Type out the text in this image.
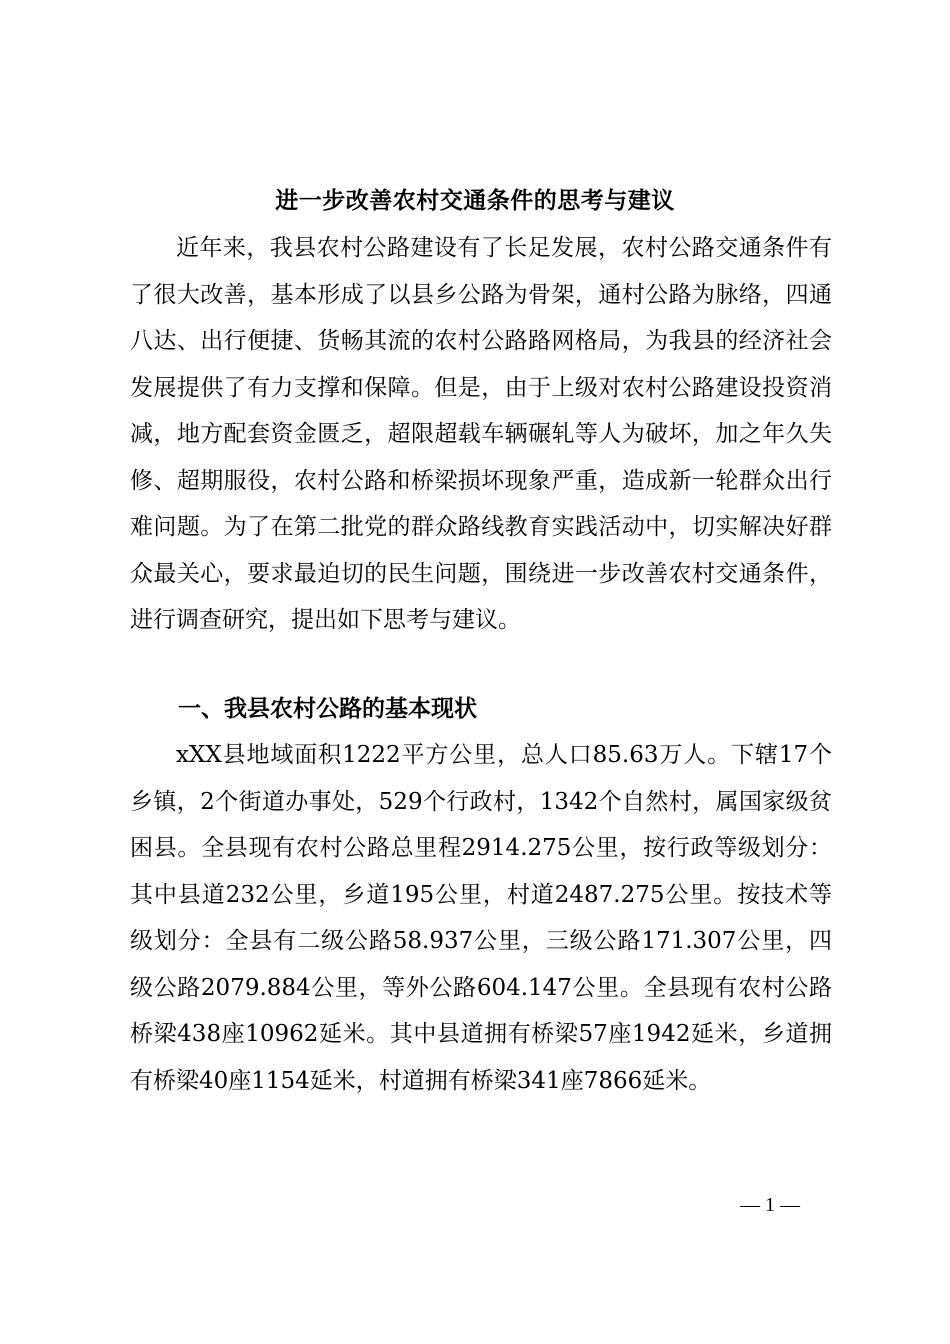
进一步改善农村交通条件的思考与建议

近年来，我县农村公路建设有了长足发展，农村公路交通条件有了很大改善，基本形成了以县乡公路为骨架，通村公路为脉络，四通八达、出行便捷、货畅其流的农村公路路网格局，为我县的经济社会发展提供了有力支撑和保障。但是，由于上级对农村公路建设投资消减，地方配套资金匮乏，超限超载车辆碾轧等人为破坏，加之年久失修、超期服役，农村公路和桥梁损坏现象严重，造成新一轮群众出行难问题。为了在第二批党的群众路线教育实践活动中，切实解决好群众最关心，要求最迫切的民生问题，围绕进一步改善农村交通条件，进行调查研究，提出如下思考与建议。

一、我县农村公路的基本现状

xXX县地域面积1222平方公里，总人口85.63万人。下辖17个乡镇，2个街道办事处，529个行政村，1342个自然村，属国家级贫困县。全县现有农村公路总里程2914.275公里，按行政等级划分：其中县道232公里，乡道195公里，村道2487.275公里。按技术等级划分：全县有二级公路58.937公里，三级公路171.307公里，四级公路2079.884公里，等外公路604.147公里。全县现有农村公路桥梁438座10962延米。其中县道拥有桥梁57座1942延米，乡道拥有桥梁40座1154延米，村道拥有桥梁341座7866延米。

— 1 —
